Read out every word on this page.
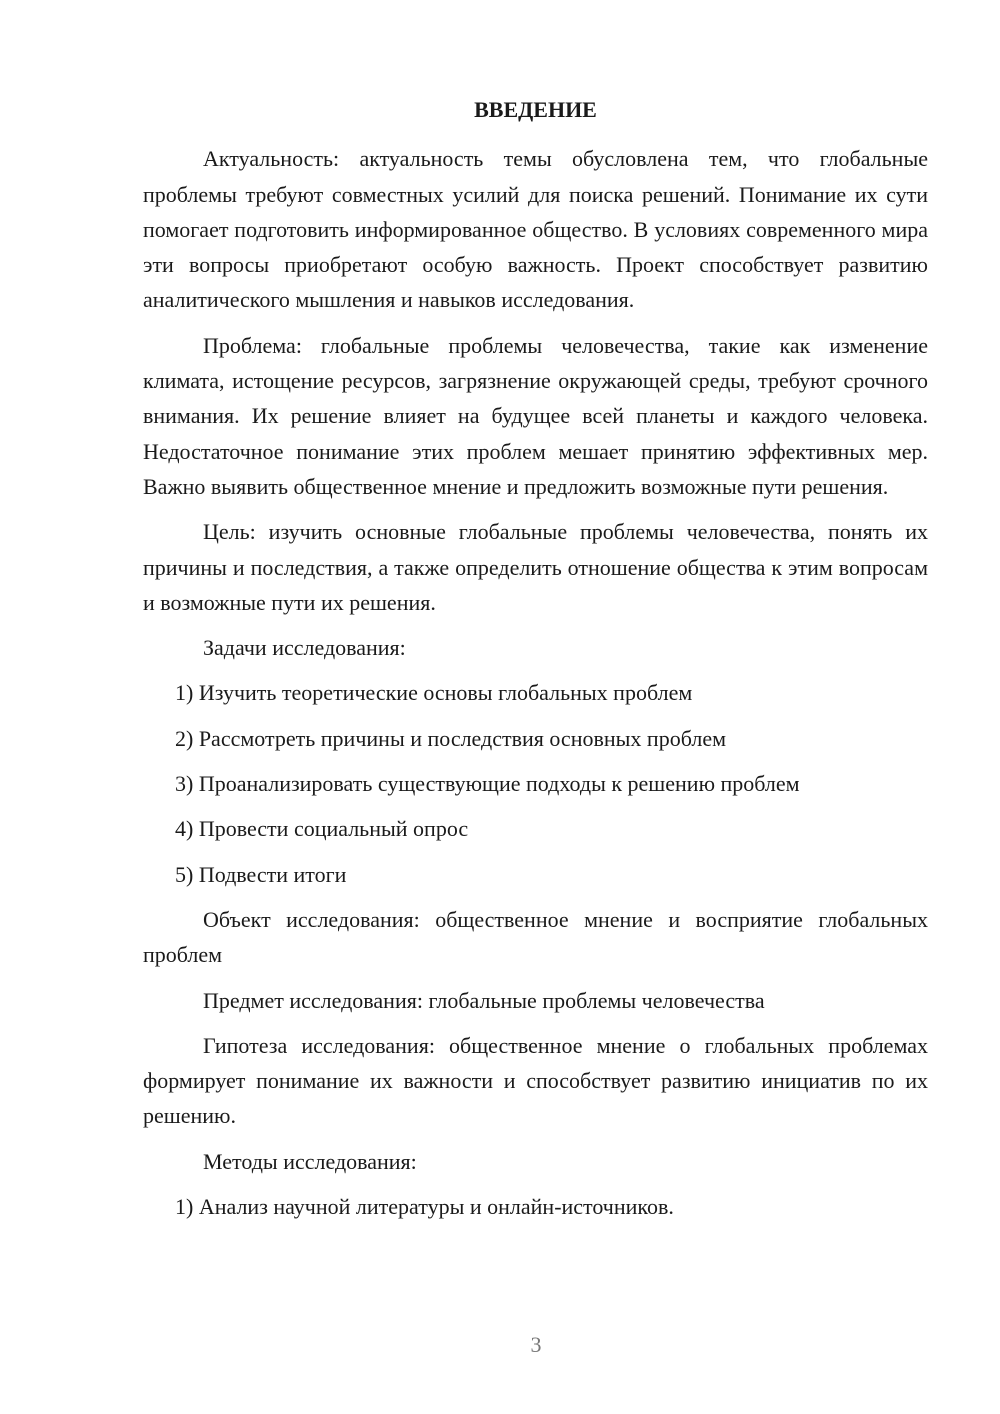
ВВЕДЕНИЕ

Актуальность: актуальность темы обусловлена тем, что глобальные проблемы требуют совместных усилий для поиска решений. Понимание их сути помогает подготовить информированное общество. В условиях современного мира эти вопросы приобретают особую важность. Проект способствует развитию аналитического мышления и навыков исследования.

Проблема: глобальные проблемы человечества, такие как изменение климата, истощение ресурсов, загрязнение окружающей среды, требуют срочного внимания. Их решение влияет на будущее всей планеты и каждого человека. Недостаточное понимание этих проблем мешает принятию эффективных мер. Важно выявить общественное мнение и предложить возможные пути решения.

Цель: изучить основные глобальные проблемы человечества, понять их причины и последствия, а также определить отношение общества к этим вопросам и возможные пути их решения.

Задачи исследования:

1) Изучить теоретические основы глобальных проблем

2) Рассмотреть причины и последствия основных проблем

3) Проанализировать существующие подходы к решению проблем

4) Провести социальный опрос

5) Подвести итоги

Объект исследования: общественное мнение и восприятие глобальных проблем

Предмет исследования: глобальные проблемы человечества

Гипотеза исследования: общественное мнение о глобальных проблемах формирует понимание их важности и способствует развитию инициатив по их решению.

Методы исследования:

1) Анализ научной литературы и онлайн-источников.

3
